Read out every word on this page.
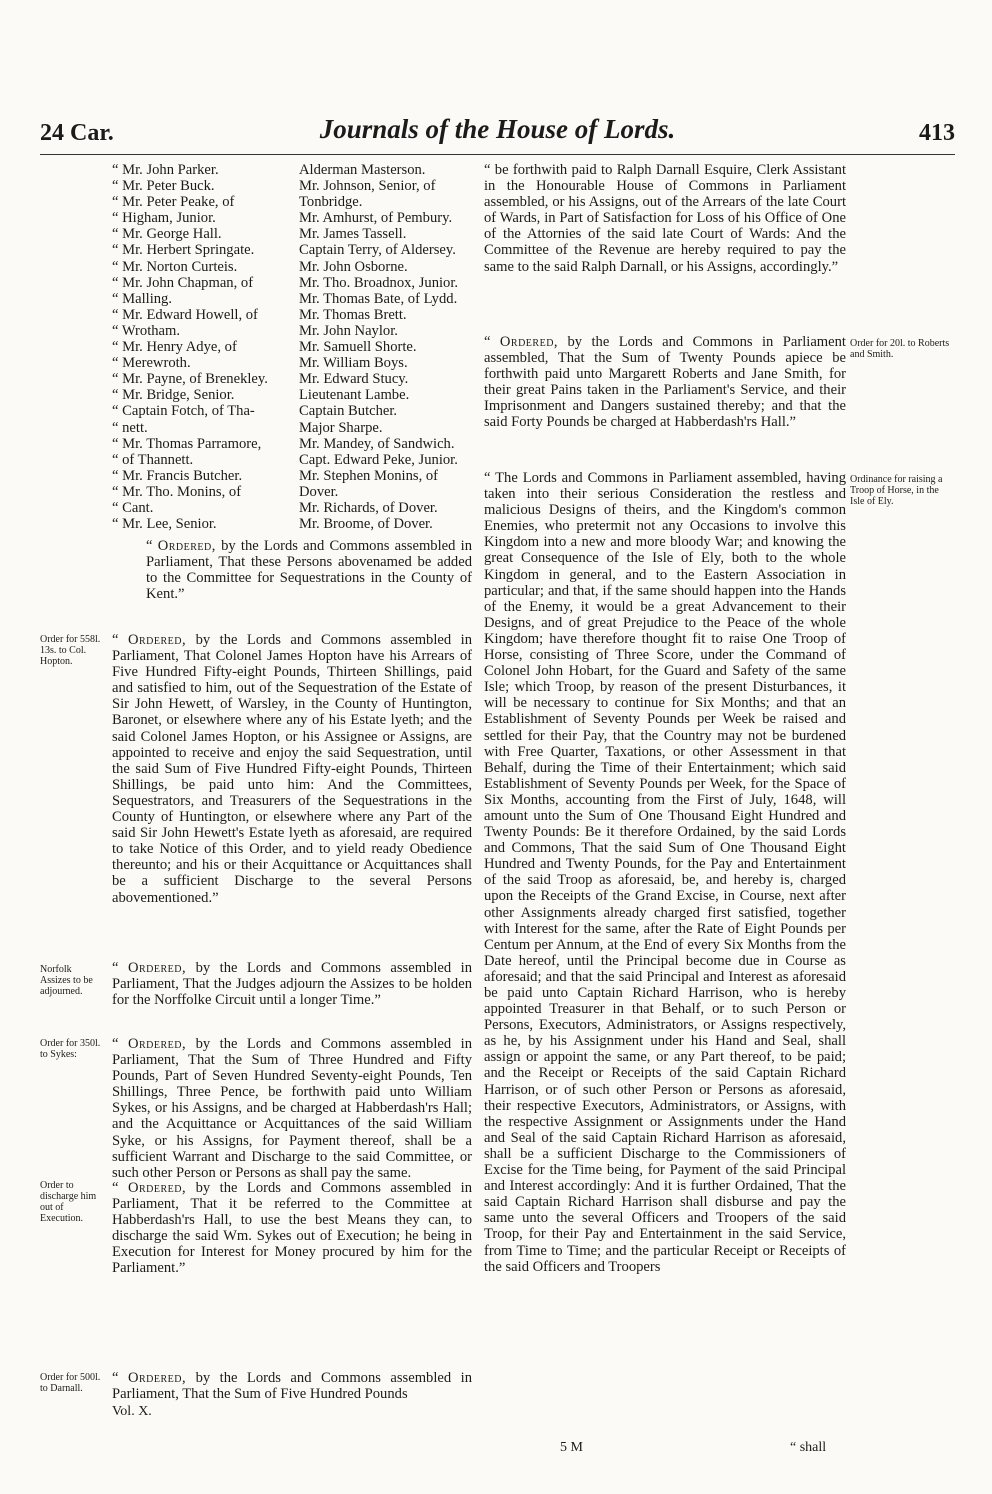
24 Car.	Journals of the House of Lords.	413
“ Mr. John Parker.	Alderman Masterson.
“ Mr. Peter Buck.	Mr. Johnson, Senior, of
“ Mr. Peter Peake, of	Tonbridge.
“ Higham, Junior.	Mr. Amhurst, of Pembury.
“ Mr. George Hall.	Mr. James Tassell.
“ Mr. Herbert Springate.	Captain Terry, of Aldersey.
“ Mr. Norton Curteis.	Mr. John Osborne.
“ Mr. John Chapman, of	Mr. Tho. Broadnox, Junior.
“ Malling.	Mr. Thomas Bate, of Lydd.
“ Mr. Edward Howell, of	Mr. Thomas Brett.
“ Wrotham.	Mr. John Naylor.
“ Mr. Henry Adye, of	Mr. Samuell Shorte.
“ Merewroth.	Mr. William Boys.
“ Mr. Payne, of Brenekley.	Mr. Edward Stucy.
“ Mr. Bridge, Senior.	Lieutenant Lambe.
“ Captain Fotch, of Tha-	Captain Butcher.
“ nett.	Major Sharpe.
“ Mr. Thomas Parramore,	Mr. Mandey, of Sandwich.
“ of Thannett.	Capt. Edward Peke, Junior.
“ Mr. Francis Butcher.	Mr. Stephen Monins, of
“ Mr. Tho. Monins, of	Dover.
“ Cant.	Mr. Richards, of Dover.
“ Mr. Lee, Senior.	Mr. Broome, of Dover.

“ Ordered, by the Lords and Commons assembled in Parliament, That these Persons abovenamed be added to the Committee for Sequestrations in the County of Kent.”

Order for 558l. 13s. to Col. Hopton.

“ Ordered, by the Lords and Commons assembled in Parliament, That Colonel James Hopton have his Arrears of Five Hundred Fifty-eight Pounds, Thirteen Shillings, paid and satisfied to him, out of the Sequestration of the Estate of Sir John Hewett, of Warsley, in the County of Huntington, Baronet, or elsewhere where any of his Estate lyeth; and the said Colonel James Hopton, or his Assignee or Assigns, are appointed to receive and enjoy the said Sequestration, until the said Sum of Five Hundred Fifty-eight Pounds, Thirteen Shillings, be paid unto him: And the Committees, Sequestrators, and Treasurers of the Sequestrations in the County of Huntington, or elsewhere where any Part of the said Sir John Hewett's Estate lyeth as aforesaid, are required to take Notice of this Order, and to yield ready Obedience thereunto; and his or their Acquittance or Acquittances shall be a sufficient Discharge to the several Persons abovementioned.”

Norfolk Assizes to be adjourned.

“ Ordered, by the Lords and Commons assembled in Parliament, That the Judges adjourn the Assizes to be holden for the Norffolke Circuit until a longer Time.”

Order for 350l. to Sykes:

“ Ordered, by the Lords and Commons assembled in Parliament, That the Sum of Three Hundred and Fifty Pounds, Part of Seven Hundred Seventy-eight Pounds, Ten Shillings, Three Pence, be forthwith paid unto William Sykes, or his Assigns, and be charged at Habberdash'rs Hall; and the Acquittance or Acquittances of the said William Syke, or his Assigns, for Payment thereof, shall be a sufficient Warrant and Discharge to the said Committee, or such other Person or Persons as shall pay the same.

Order to discharge him out of Execution.

“ Ordered, by the Lords and Commons assembled in Parliament, That it be referred to the Committee at Habberdash'rs Hall, to use the best Means they can, to discharge the said Wm. Sykes out of Execution; he being in Execution for Interest for Money procured by him for the Parliament.”

Order for 500l. to Darnall.

“ Ordered, by the Lords and Commons assembled in Parliament, That the Sum of Five Hundred Pounds

Vol. X.

“ be forthwith paid to Ralph Darnall Esquire, Clerk Assistant in the Honourable House of Commons in Parliament assembled, or his Assigns, out of the Arrears of the late Court of Wards, in Part of Satisfaction for Loss of his Office of One of the Attornies of the said late Court of Wards: And the Committee of the Revenue are hereby required to pay the same to the said Ralph Darnall, or his Assigns, accordingly.”

Order for 20l. to Roberts and Smith.

“ Ordered, by the Lords and Commons in Parliament assembled, That the Sum of Twenty Pounds apiece be forthwith paid unto Margarett Roberts and Jane Smith, for their great Pains taken in the Parliament's Service, and their Imprisonment and Dangers sustained thereby; and that the said Forty Pounds be charged at Habberdash'rs Hall.”

Ordinance for raising a Troop of Horse, in the Isle of Ely.

“ The Lords and Commons in Parliament assembled, having taken into their serious Consideration the restless and malicious Designs of theirs, and the Kingdom's common Enemies, who pretermit not any Occasions to involve this Kingdom into a new and more bloody War; and knowing the great Consequence of the Isle of Ely, both to the whole Kingdom in general, and to the Eastern Association in particular; and that, if the same should happen into the Hands of the Enemy, it would be a great Advancement to their Designs, and of great Prejudice to the Peace of the whole Kingdom; have therefore thought fit to raise One Troop of Horse, consisting of Three Score, under the Command of Colonel John Hobart, for the Guard and Safety of the same Isle; which Troop, by reason of the present Disturbances, it will be necessary to continue for Six Months; and that an Establishment of Seventy Pounds per Week be raised and settled for their Pay, that the Country may not be burdened with Free Quarter, Taxations, or other Assessment in that Behalf, during the Time of their Entertainment; which said Establishment of Seventy Pounds per Week, for the Space of Six Months, accounting from the First of July, 1648, will amount unto the Sum of One Thousand Eight Hundred and Twenty Pounds: Be it therefore Ordained, by the said Lords and Commons, That the said Sum of One Thousand Eight Hundred and Twenty Pounds, for the Pay and Entertainment of the said Troop as aforesaid, be, and hereby is, charged upon the Receipts of the Grand Excise, in Course, next after other Assignments already charged first satisfied, together with Interest for the same, after the Rate of Eight Pounds per Centum per Annum, at the End of every Six Months from the Date hereof, until the Principal become due in Course as aforesaid; and that the said Principal and Interest as aforesaid be paid unto Captain Richard Harrison, who is hereby appointed Treasurer in that Behalf, or to such Person or Persons, Executors, Administrators, or Assigns respectively, as he, by his Assignment under his Hand and Seal, shall assign or appoint the same, or any Part thereof, to be paid; and the Receipt or Receipts of the said Captain Richard Harrison, or of such other Person or Persons as aforesaid, their respective Executors, Administrators, or Assigns, with the respective Assignment or Assignments under the Hand and Seal of the said Captain Richard Harrison as aforesaid, shall be a sufficient Discharge to the Commissioners of Excise for the Time being, for Payment of the said Principal and Interest accordingly: And it is further Ordained, That the said Captain Richard Harrison shall disburse and pay the same unto the several Officers and Troopers of the said Troop, for their Pay and Entertainment in the said Service, from Time to Time; and the particular Receipt or Receipts of the said Officers and Troopers

5 M	“ shall
